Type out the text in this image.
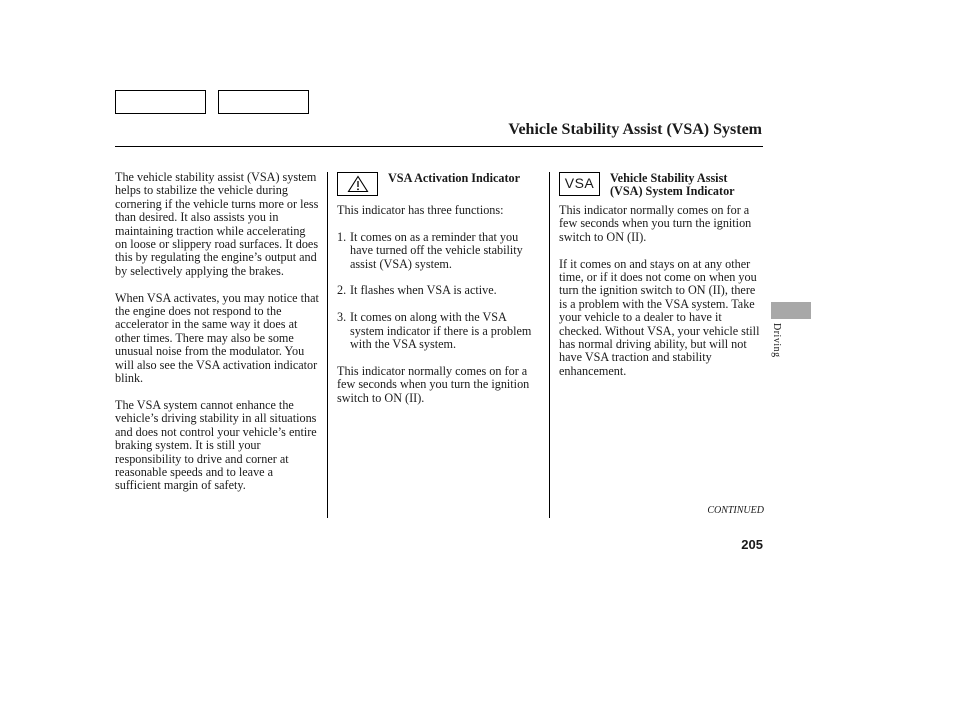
Vehicle Stability Assist (VSA) System

The vehicle stability assist (VSA) system helps to stabilize the vehicle during cornering if the vehicle turns more or less than desired. It also assists you in maintaining traction while accelerating on loose or slippery road surfaces. It does this by regulating the engine’s output and by selectively applying the brakes.

When VSA activates, you may notice that the engine does not respond to the accelerator in the same way it does at other times. There may also be some unusual noise from the modulator. You will also see the VSA activation indicator blink.

The VSA system cannot enhance the vehicle’s driving stability in all situations and does not control your vehicle’s entire braking system. It is still your responsibility to drive and corner at reasonable speeds and to leave a sufficient margin of safety.

VSA Activation Indicator

This indicator has three functions:

1. It comes on as a reminder that you have turned off the vehicle stability assist (VSA) system.
2. It flashes when VSA is active.
3. It comes on along with the VSA system indicator if there is a problem with the VSA system.

This indicator normally comes on for a few seconds when you turn the ignition switch to ON (II).

VSA	Vehicle Stability Assist
(VSA) System Indicator

This indicator normally comes on for a few seconds when you turn the ignition switch to ON (II).

If it comes on and stays on at any other time, or if it does not come on when you turn the ignition switch to ON (II), there is a problem with the VSA system. Take your vehicle to a dealer to have it checked. Without VSA, your vehicle still has normal driving ability, but will not have VSA traction and stability enhancement.

CONTINUED
205
Driving
